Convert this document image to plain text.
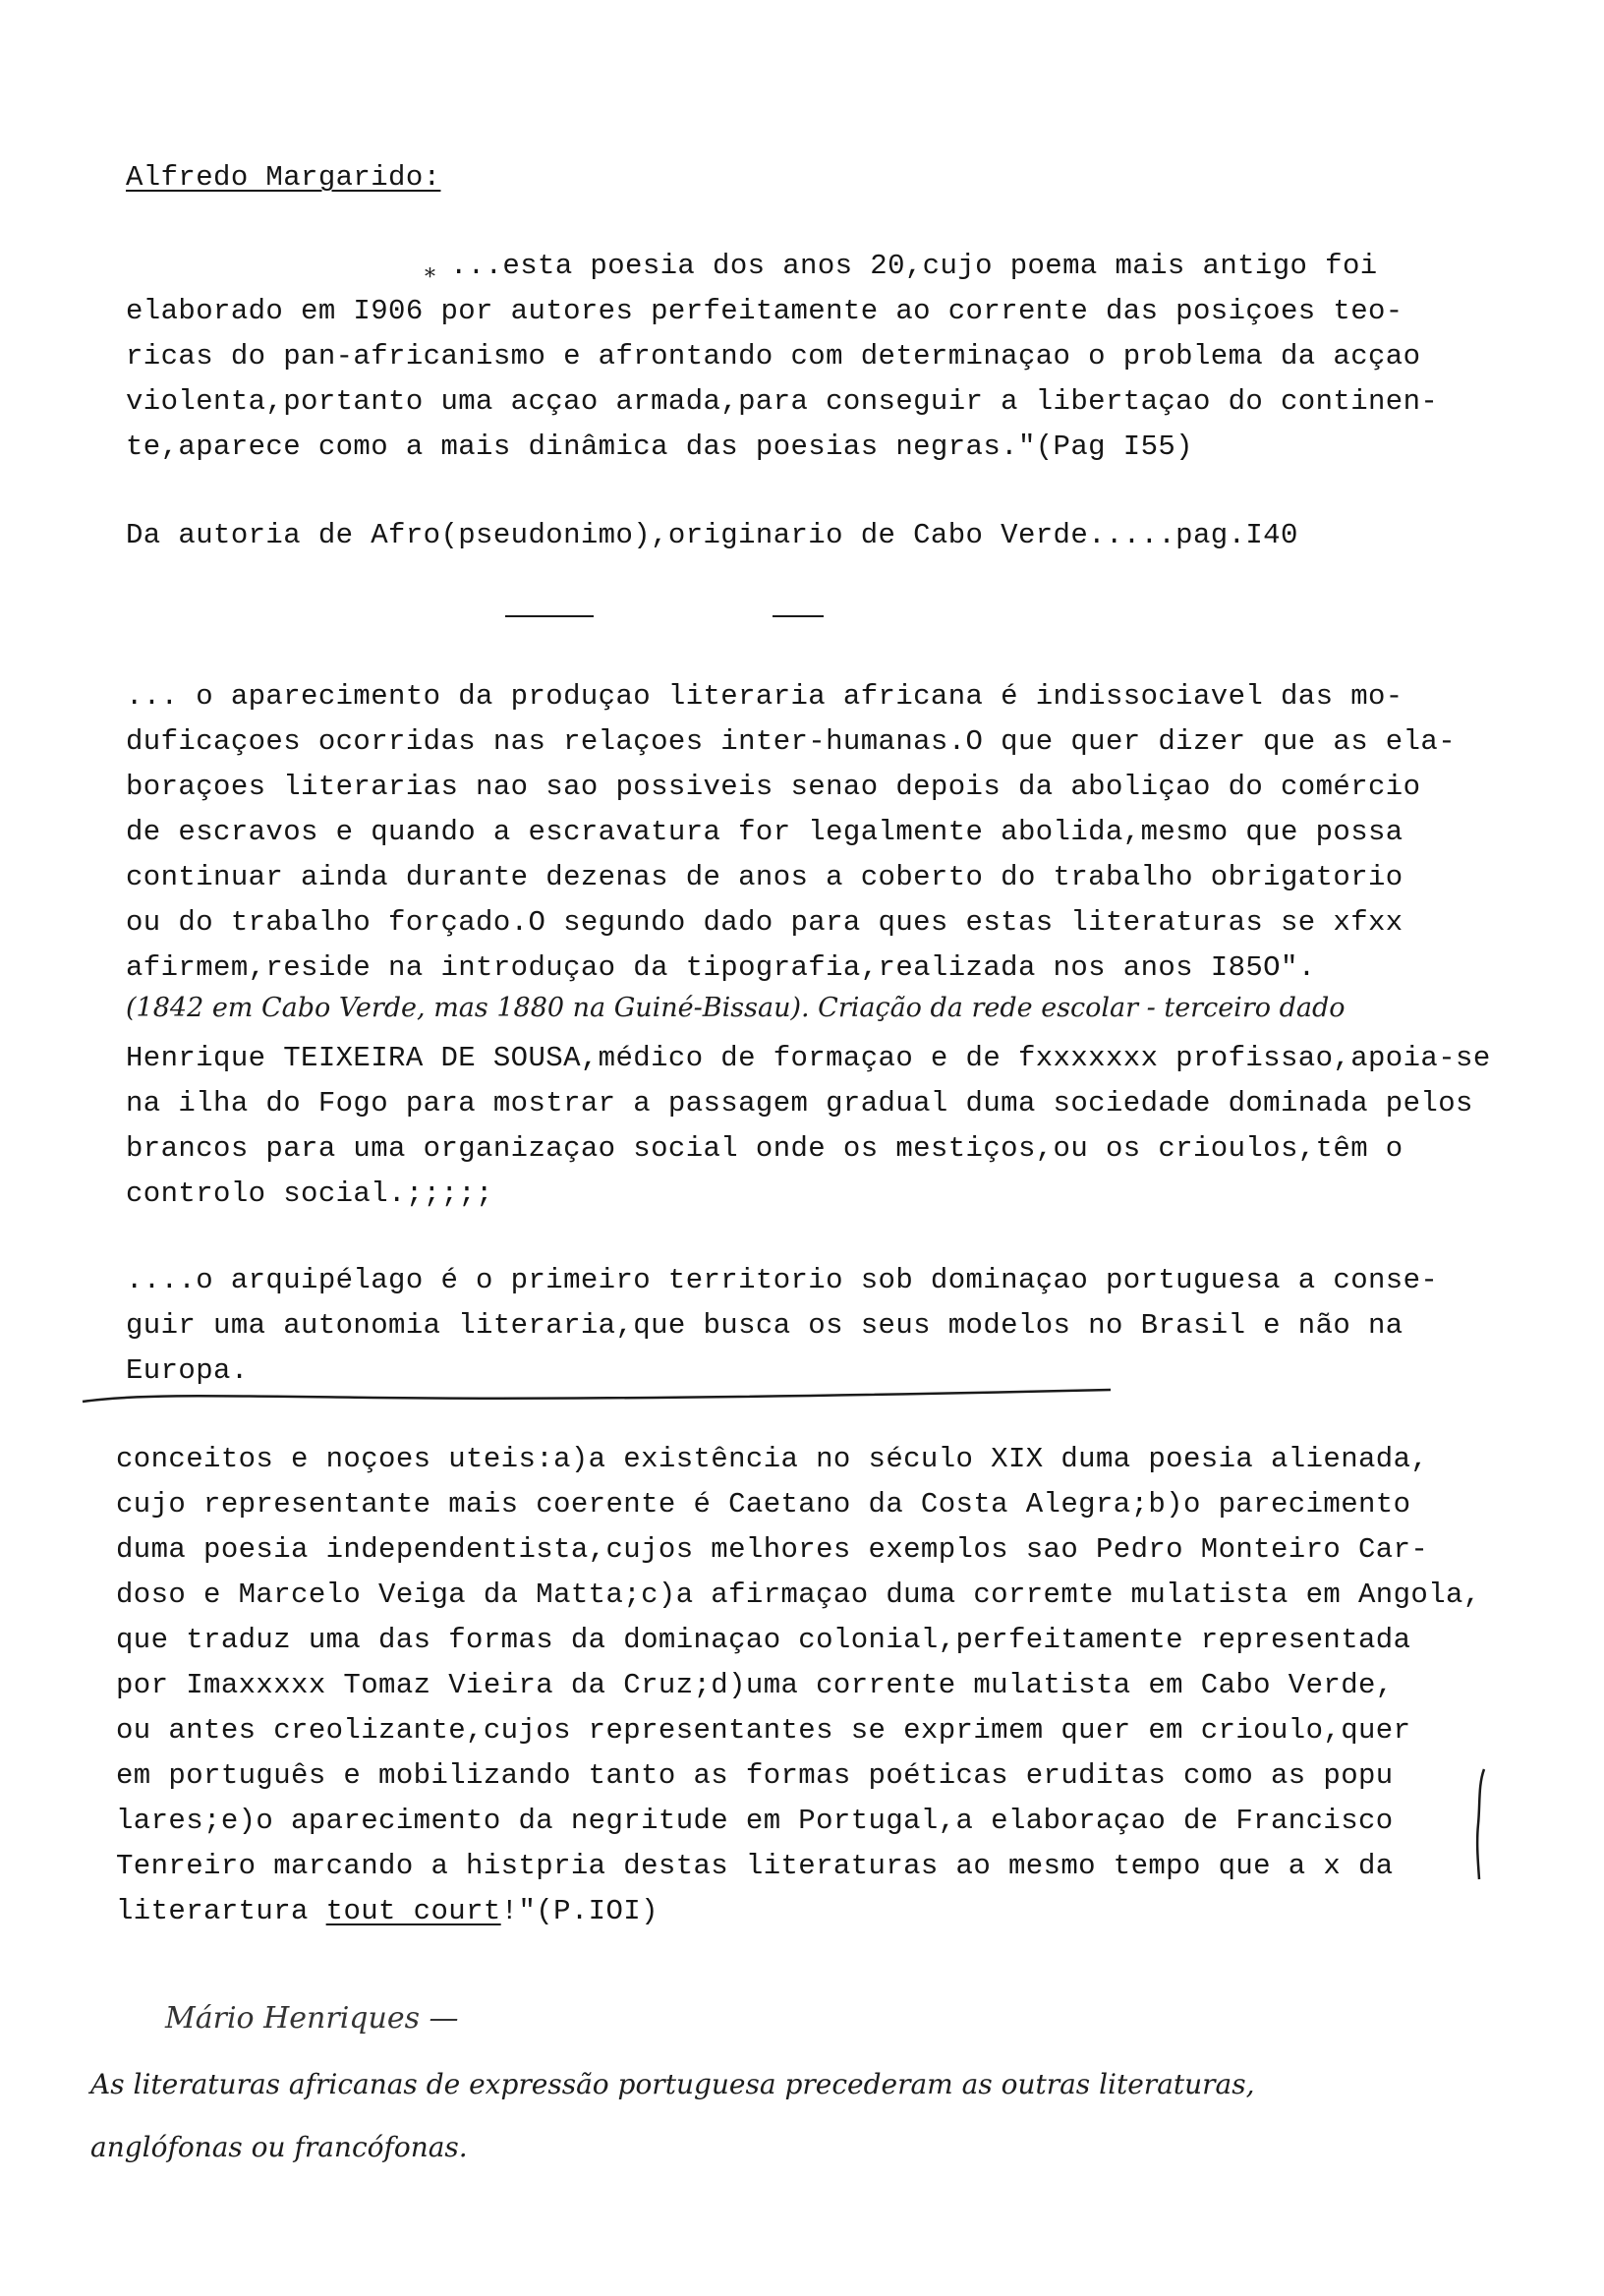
Alfredo Margarido:
...esta poesia dos anos 20,cujo poema mais antigo foi
elaborado em I906 por autores perfeitamente ao corrente das posiçoes teo-
*
ricas do pan-africanismo e afrontando com determinaçao o problema da acçao
violenta,portanto uma acçao armada,para conseguir a libertaçao do continen-
te,aparece como a mais dinâmica das poesias negras."(Pag I55)
Da autoria de Afro(pseudonimo),originario de Cabo Verde.....pag.I40
... o aparecimento da produçao literaria africana é indissociavel das mo-
duficaçoes ocorridas nas relaçoes inter-humanas.O que quer dizer que as ela-
boraçoes literarias nao sao possiveis senao depois da aboliçao do comércio
de escravos e quando a escravatura for legalmente abolida,mesmo que possa
continuar ainda durante dezenas de anos a coberto do trabalho obrigatorio
ou do trabalho forçado.O segundo dado para ques estas literaturas se xfxx
afirmem,reside na introduçao da tipografia,realizada nos anos I85O".
(1842 em Cabo Verde, mas 1880 na Guiné-Bissau). Criação da rede escolar - terceiro dado
Henrique TEIXEIRA DE SOUSA,médico de formaçao e de fxxxxxxx profissao,apoia-se
na ilha do Fogo para mostrar a passagem gradual duma sociedade dominada pelos
brancos para uma organizaçao social onde os mestiços,ou os crioulos,têm o
controlo social.;;;;;
....o arquipélago é o primeiro territorio sob dominaçao portuguesa a conse-
guir uma autonomia literaria,que busca os seus modelos no Brasil e não na
Europa.
conceitos e noçoes uteis:a)a existência no século XIX duma poesia alienada,
cujo representante mais coerente é Caetano da Costa Alegra;b)o parecimento
duma poesia independentista,cujos melhores exemplos sao Pedro Monteiro Car-
doso e Marcelo Veiga da Matta;c)a afirmaçao duma corremte mulatista em Angola,
que traduz uma das formas da dominaçao colonial,perfeitamente representada
por Imaxxxxx Tomaz Vieira da Cruz;d)uma corrente mulatista em Cabo Verde,
ou antes creolizante,cujos representantes se exprimem quer em crioulo,quer
em português e mobilizando tanto as formas poéticas eruditas como as popu
lares;e)o aparecimento da negritude em Portugal,a elaboraçao de Francisco
Tenreiro marcando a histpria destas literaturas ao mesmo tempo que a x da
literartura tout court!"(P.IOI)
Mário Henriques —
As literaturas africanas de expressão portuguesa precederam as outras literaturas,
anglófonas ou francófonas.
